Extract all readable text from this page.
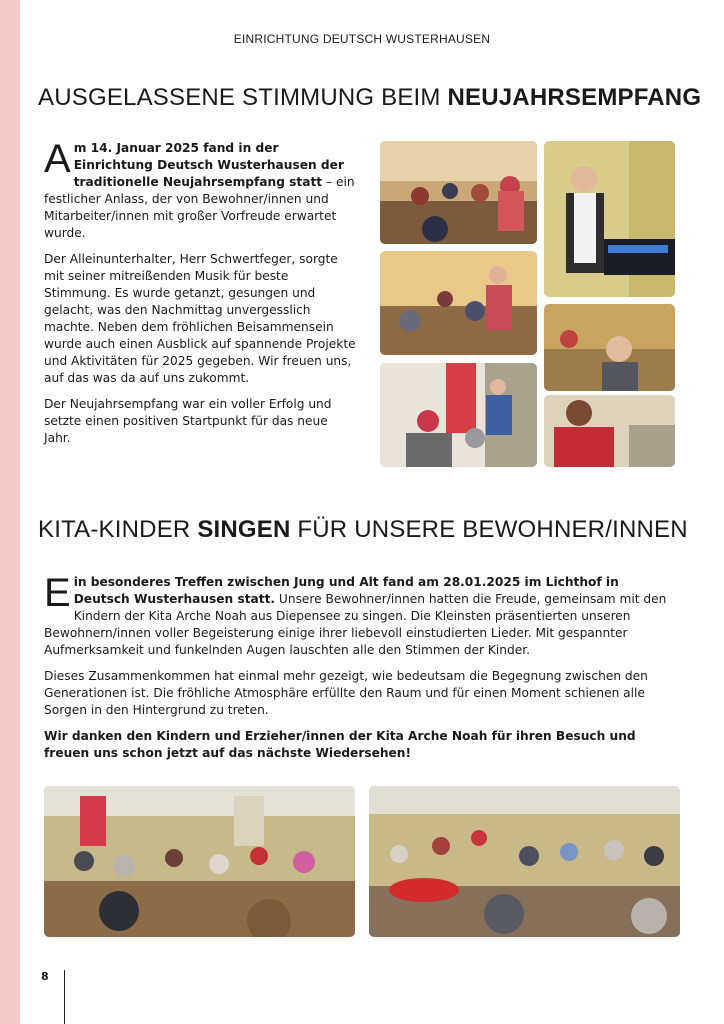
EINRICHTUNG DEUTSCH WUSTERHAUSEN
AUSGELASSENE STIMMUNG BEIM NEUJAHRSEMPFANG

Am 14. Januar 2025 fand in der Einrichtung Deutsch Wusterhausen der traditionelle Neujahrsempfang statt – ein festlicher Anlass, der von Bewohner/innen und Mitarbeiter/innen mit großer Vorfreude erwartet wurde.

Der Alleinunterhalter, Herr Schwertfeger, sorgte mit seiner mitreißenden Musik für beste Stimmung. Es wurde getanzt, gesungen und gelacht, was den Nachmittag unvergesslich machte. Neben dem fröhlichen Beisammensein wurde auch einen Ausblick auf spannende Projekte und Aktivitäten für 2025 gegeben. Wir freuen uns, auf das was da auf uns zukommt.

Der Neujahrsempfang war ein voller Erfolg und setzte einen positiven Startpunkt für das neue Jahr.

KITA-KINDER SINGEN FÜR UNSERE BEWOHNER/INNEN

Ein besonderes Treffen zwischen Jung und Alt fand am 28.01.2025 im Lichthof in Deutsch Wusterhausen statt. Unsere Bewohner/innen hatten die Freude, gemeinsam mit den Kindern der Kita Arche Noah aus Diepensee zu singen. Die Kleinsten präsentierten unseren Bewohnern/innen voller Begeisterung einige ihrer liebevoll einstudierten Lieder. Mit gespannter Aufmerksamkeit und funkelnden Augen lauschten alle den Stimmen der Kinder.

Dieses Zusammenkommen hat einmal mehr gezeigt, wie bedeutsam die Begegnung zwischen den Generationen ist. Die fröhliche Atmosphäre erfüllte den Raum und für einen Moment schienen alle Sorgen in den Hintergrund zu treten.

Wir danken den Kindern und Erzieher/innen der Kita Arche Noah für ihren Besuch und freuen uns schon jetzt auf das nächste Wiedersehen!

8
